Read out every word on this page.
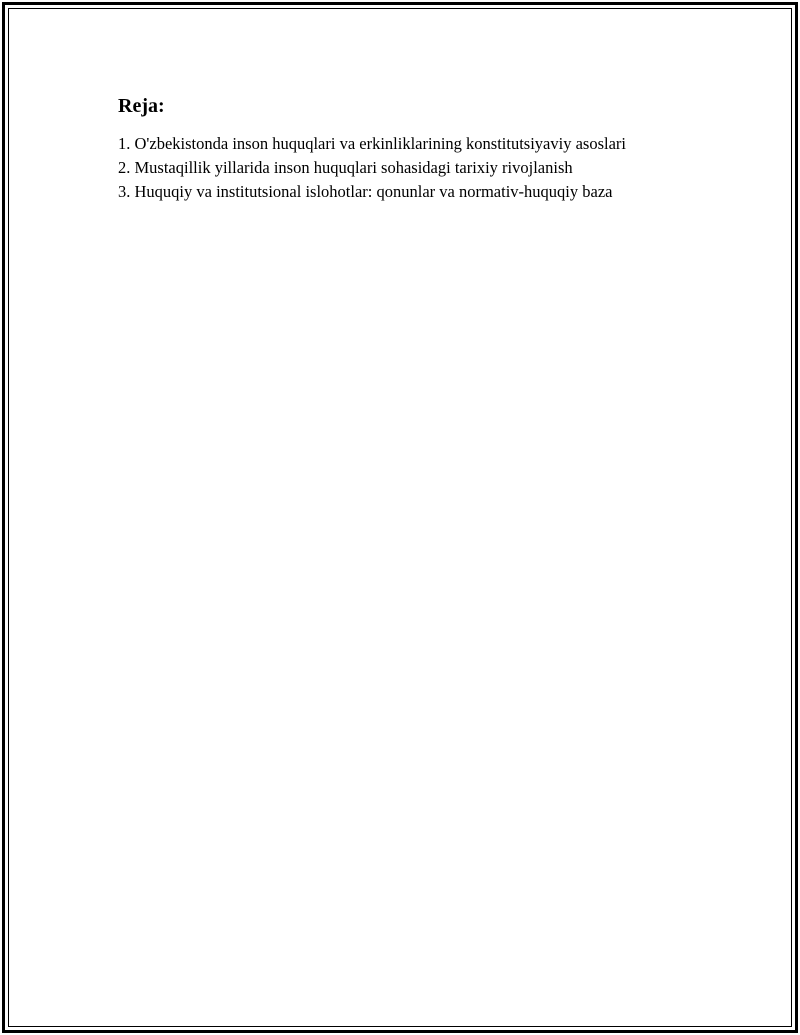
Reja:
1. O'zbekistonda inson huquqlari va erkinliklarining konstitutsiyaviy asoslari
2. Mustaqillik yillarida inson huquqlari sohasidagi tarixiy rivojlanish
3. Huquqiy va institutsional islohotlar: qonunlar va normativ-huquqiy baza
